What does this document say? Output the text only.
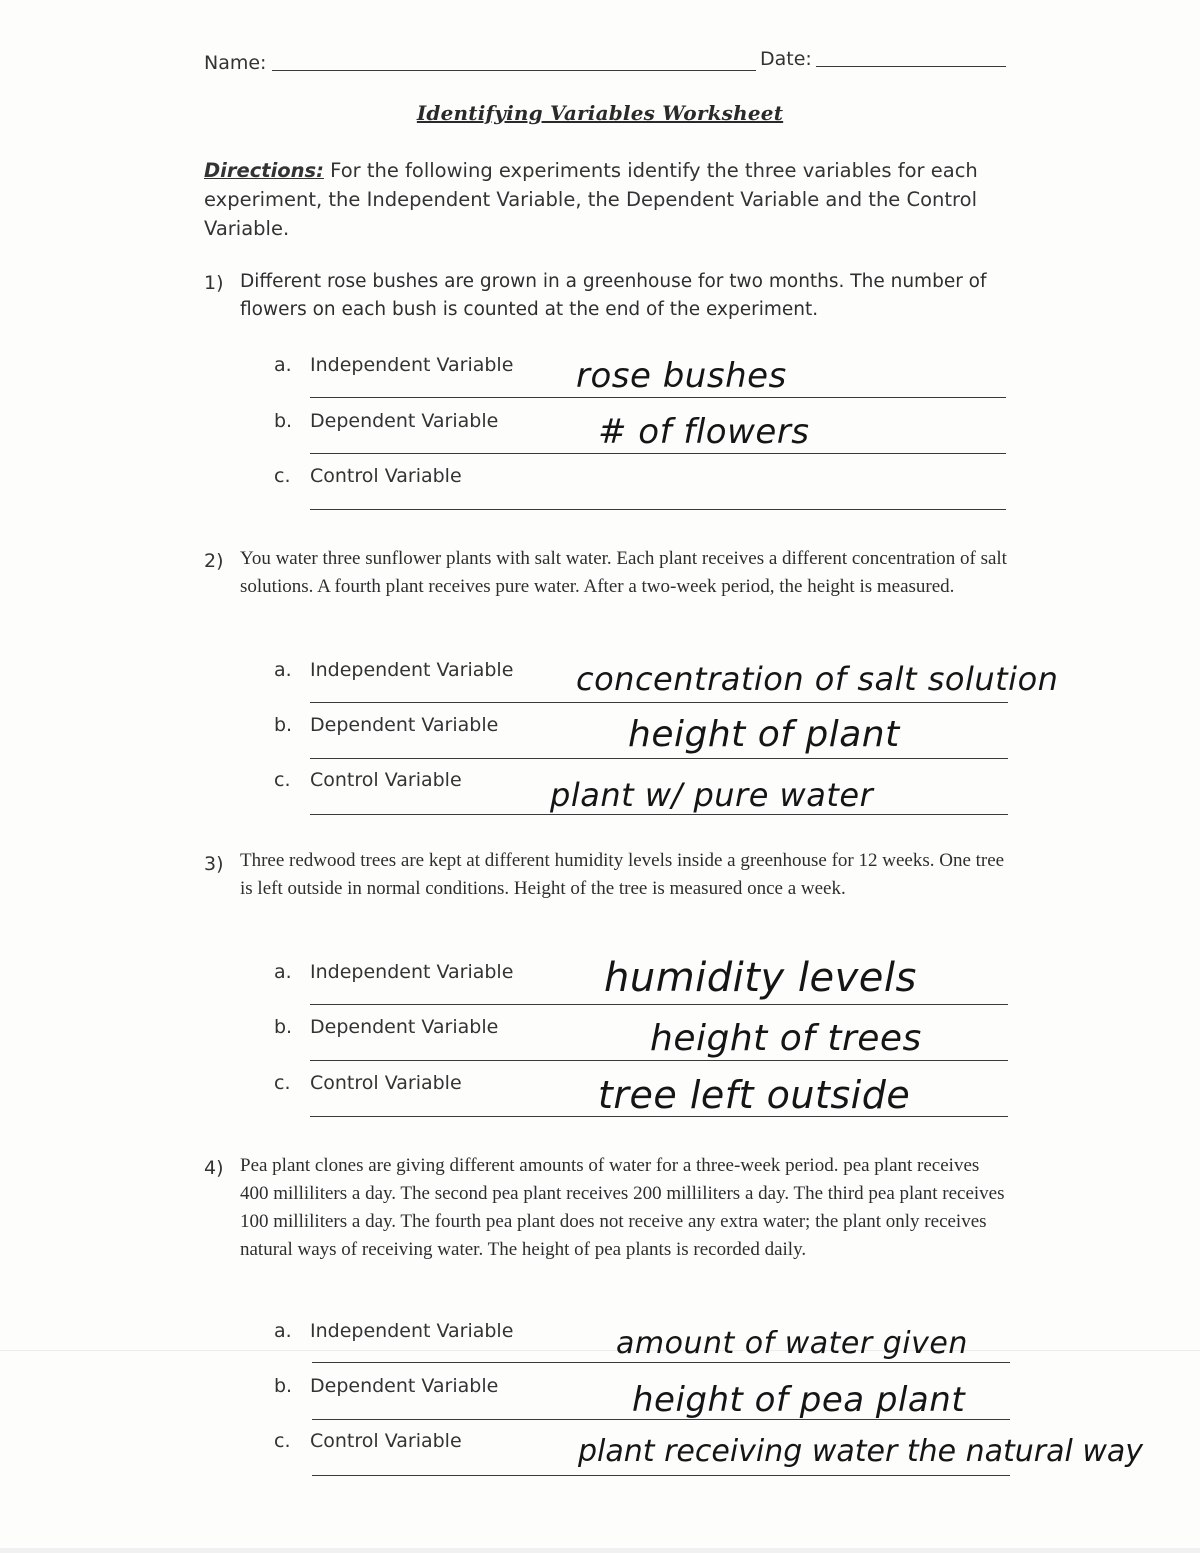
Name:	Date:
Identifying Variables Worksheet
Directions: For the following experiments identify the three variables for each experiment, the Independent Variable, the Dependent Variable and the Control Variable.
1) Different rose bushes are grown in a greenhouse for two months. The number of flowers on each bush is counted at the end of the experiment.
a. Independent Variable rose bushes
b. Dependent Variable	# of flowers
c. Control Variable
2) You water three sunflower plants with salt water. Each plant receives a different concentration of salt solutions. A fourth plant receives pure water. After a two-week period, the height is measured.
a. Independent Variable concentration of salt solution
b. Dependent Variable	height of plant
c. Control Variable	plant w/ pure water
3) Three redwood trees are kept at different humidity levels inside a greenhouse for 12 weeks. One tree is left outside in normal conditions. Height of the tree is measured once a week.
a. Independent Variable humidity levels
b. Dependent Variable	height of trees
c. Control Variable	tree left outside
4) Pea plant clones are giving different amounts of water for a three-week period. pea plant receives 400 milliliters a day. The second pea plant receives 200 milliliters a day. The third pea plant receives 100 milliliters a day. The fourth pea plant does not receive any extra water; the plant only receives natural ways of receiving water. The height of pea plants is recorded daily.
a. Independent Variable	amount of water given
b. Dependent Variable	height of pea plant
c. Control Variable	plant receiving water the natural way
